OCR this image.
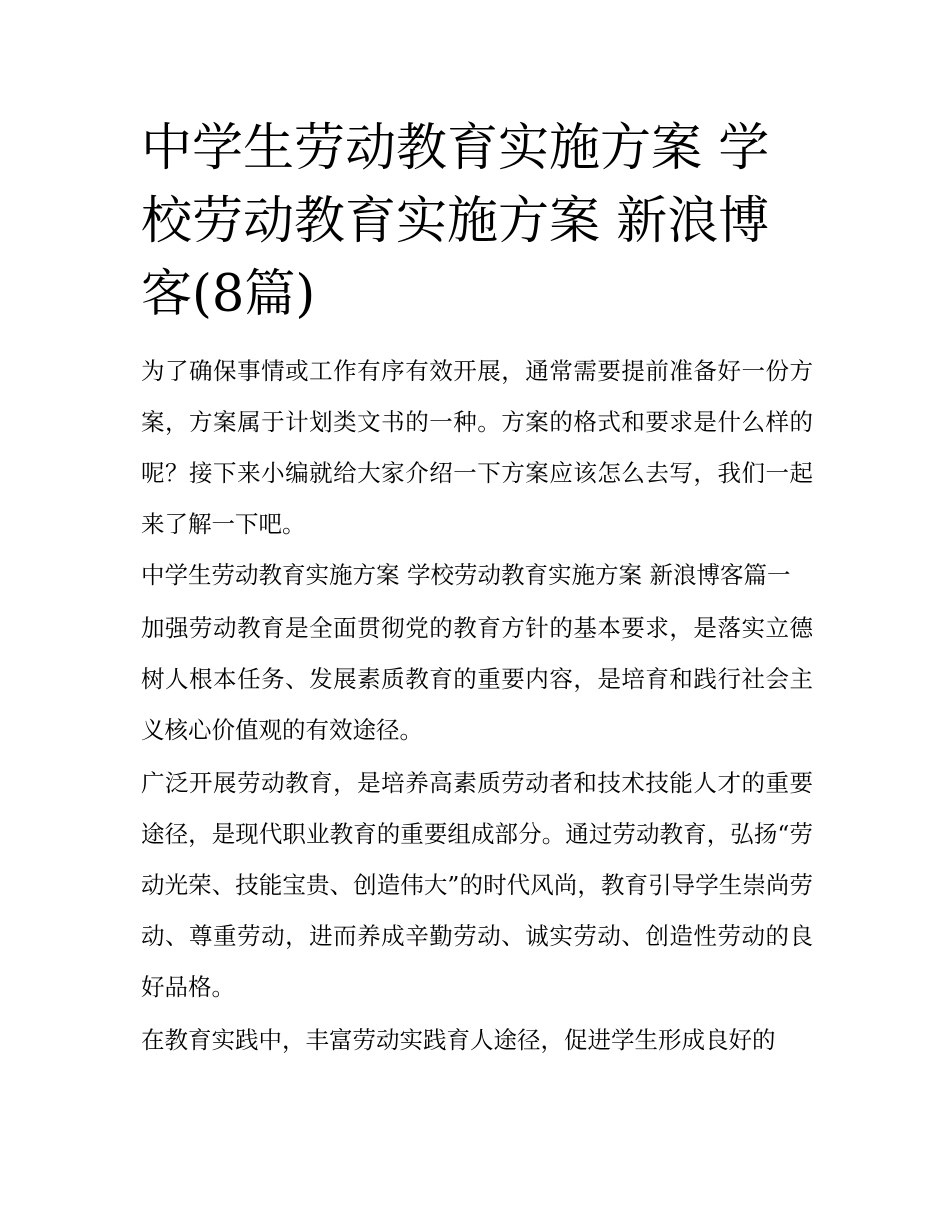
中学生劳动教育实施方案 学校劳动教育实施方案 新浪博客(8篇)

为了确保事情或工作有序有效开展，通常需要提前准备好一份方案，方案属于计划类文书的一种。方案的格式和要求是什么样的呢？接下来小编就给大家介绍一下方案应该怎么去写，我们一起来了解一下吧。

中学生劳动教育实施方案 学校劳动教育实施方案 新浪博客篇一

加强劳动教育是全面贯彻党的教育方针的基本要求，是落实立德树人根本任务、发展素质教育的重要内容，是培育和践行社会主义核心价值观的有效途径。

广泛开展劳动教育，是培养高素质劳动者和技术技能人才的重要途径，是现代职业教育的重要组成部分。通过劳动教育，弘扬“劳动光荣、技能宝贵、创造伟大”的时代风尚，教育引导学生崇尚劳动、尊重劳动，进而养成辛勤劳动、诚实劳动、创造性劳动的良好品格。

在教育实践中，丰富劳动实践育人途径，促进学生形成良好的
